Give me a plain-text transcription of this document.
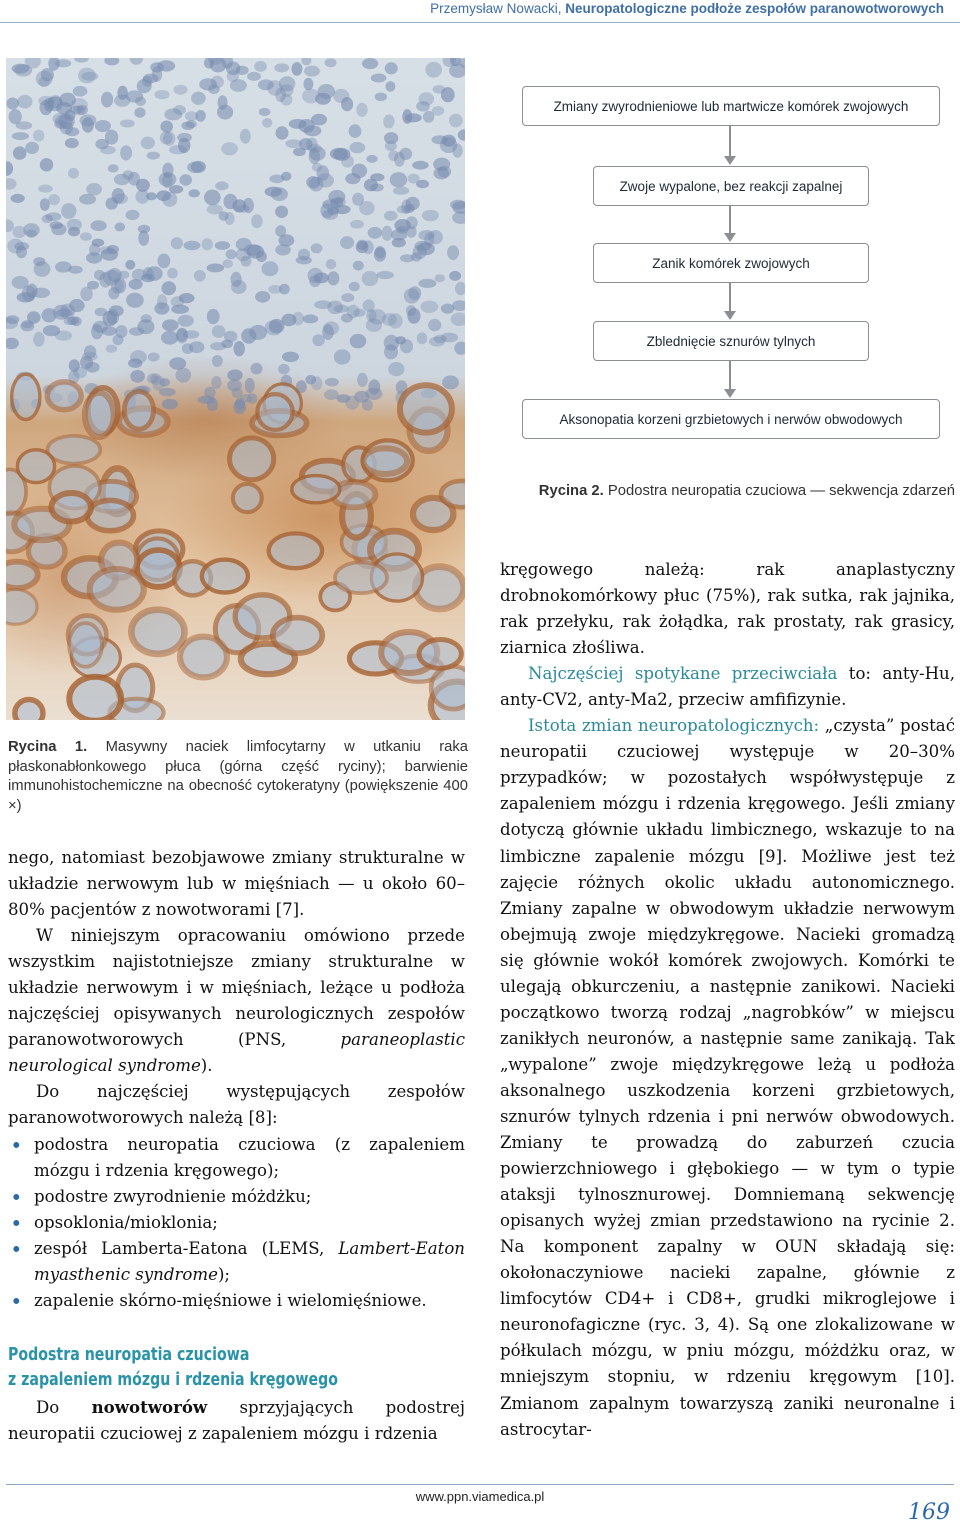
Przemysław Nowacki, Neuropatologiczne podłoże zespołów paranowotworowych
Zmiany zwyrodnieniowe lub martwicze komórek zwojowych
Zwoje wypalone, bez reakcji zapalnej
Zanik komórek zwojowych
Zblednięcie sznurów tylnych
Aksonopatia korzeni grzbietowych i nerwów obwodowych
Rycina 2. Podostra neuropatia czuciowa — sekwencja zdarzeń
Rycina 1. Masywny naciek limfocytarny w utkaniu raka płaskonabłonkowego płuca (górna część ryciny); barwienie immunohistochemiczne na obecność cytokeratyny (powiększenie 400 ×)

nego, natomiast bezobjawowe zmiany strukturalne w układzie nerwowym lub w mięśniach — u około 60–80% pacjentów z nowotworami [7].

W niniejszym opracowaniu omówiono przede wszystkim najistotniejsze zmiany strukturalne w układzie nerwowym i w mięśniach, leżące u podłoża najczęściej opisywanych neurologicznych zespołów paranowotworowych (PNS, paraneoplastic neurological syndrome).

Do najczęściej występujących zespołów paranowotworowych należą [8]:

• podostra neuropatia czuciowa (z zapaleniem mózgu i rdzenia kręgowego);
• podostre zwyrodnienie móżdżku;
• opsoklonia/mioklonia;
• zespół Lamberta-Eatona (LEMS, Lambert-Eaton myasthenic syndrome);
• zapalenie skórno-mięśniowe i wielomięśniowe.
Podostra neuropatia czuciowa
z zapaleniem mózgu i rdzenia kręgowego

Do nowotworów sprzyjających podostrej neuropatii czuciowej z zapaleniem mózgu i rdzenia

kręgowego należą: rak anaplastyczny drobnokomórkowy płuc (75%), rak sutka, rak jajnika, rak przełyku, rak żołądka, rak prostaty, rak grasicy, ziarnica złośliwa.

Najczęściej spotykane przeciwciała to: anty-Hu, anty-CV2, anty-Ma2, przeciw amfifizynie.

Istota zmian neuropatologicznych: „czysta” postać neuropatii czuciowej występuje w 20–30% przypadków; w pozostałych współwystępuje z zapaleniem mózgu i rdzenia kręgowego. Jeśli zmiany dotyczą głównie układu limbicznego, wskazuje to na limbiczne zapalenie mózgu [9]. Możliwe jest też zajęcie różnych okolic układu autonomicznego. Zmiany zapalne w obwodowym układzie nerwowym obejmują zwoje międzykręgowe. Nacieki gromadzą się głównie wokół komórek zwojowych. Komórki te ulegają obkurczeniu, a następnie zanikowi. Nacieki początkowo tworzą rodzaj „nagrobków” w miejscu zanikłych neuronów, a następnie same zanikają. Tak „wypalone” zwoje międzykręgowe leżą u podłoża aksonalnego uszkodzenia korzeni grzbietowych, sznurów tylnych rdzenia i pni nerwów obwodowych. Zmiany te prowadzą do zaburzeń czucia powierzchniowego i głębokiego — w tym o typie ataksji tylnosznurowej. Domniemaną sekwencję opisanych wyżej zmian przedstawiono na rycinie 2. Na komponent zapalny w OUN składają się: okołonaczyniowe nacieki zapalne, głównie z limfocytów CD4+ i CD8+, grudki mikroglejowe i neuronofagiczne (ryc. 3, 4). Są one zlokalizowane w półkulach mózgu, w pniu mózgu, móżdżku oraz, w mniejszym stopniu, w rdzeniu kręgowym [10]. Zmianom zapalnym towarzyszą zaniki neuronalne i astrocytar-

www.ppn.viamedica.pl
169
